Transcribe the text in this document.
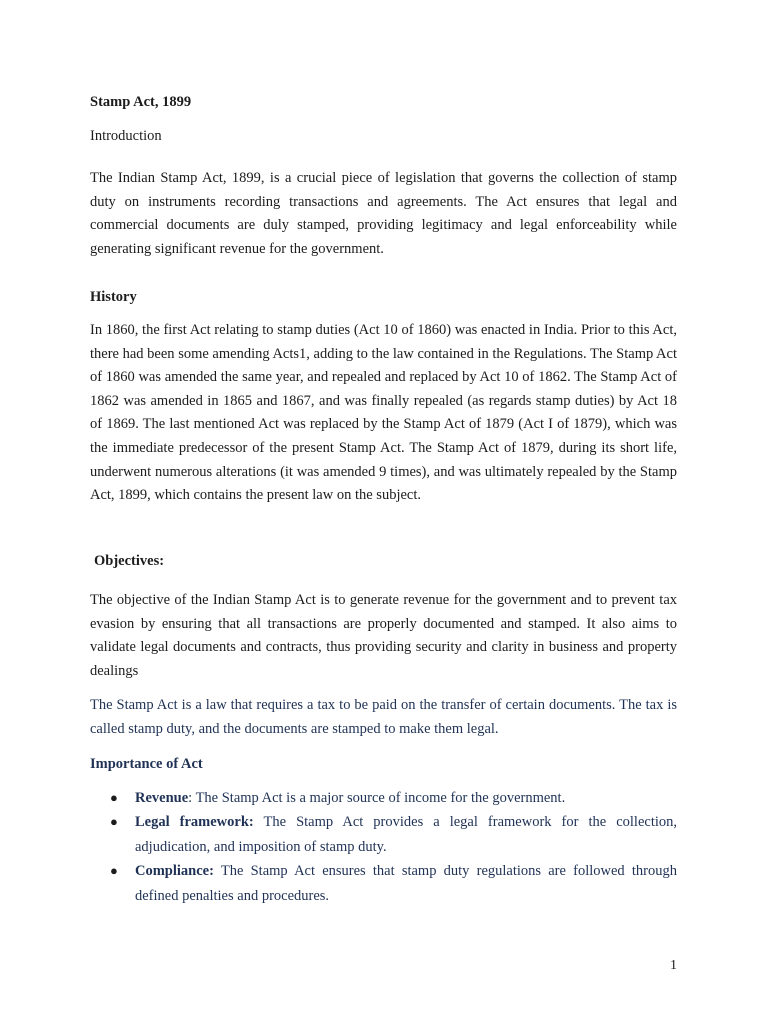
Stamp Act, 1899

Introduction

The Indian Stamp Act, 1899, is a crucial piece of legislation that governs the collection of stamp duty on instruments recording transactions and agreements. The Act ensures that legal and commercial documents are duly stamped, providing legitimacy and legal enforceability while generating significant revenue for the government.

History

In 1860, the first Act relating to stamp duties (Act 10 of 1860) was enacted in India. Prior to this Act, there had been some amending Acts1, adding to the law contained in the Regulations. The Stamp Act of 1860 was amended the same year, and repealed and replaced by Act 10 of 1862. The Stamp Act of 1862 was amended in 1865 and 1867, and was finally repealed (as regards stamp duties) by Act 18 of 1869. The last mentioned Act was replaced by the Stamp Act of 1879 (Act I of 1879), which was the immediate predecessor of the present Stamp Act. The Stamp Act of 1879, during its short life, underwent numerous alterations (it was amended 9 times), and was ultimately repealed by the Stamp Act, 1899, which contains the present law on the subject.

Objectives:

The objective of the Indian Stamp Act is to generate revenue for the government and to prevent tax evasion by ensuring that all transactions are properly documented and stamped. It also aims to validate legal documents and contracts, thus providing security and clarity in business and property dealings

The Stamp Act is a law that requires a tax to be paid on the transfer of certain documents. The tax is called stamp duty, and the documents are stamped to make them legal.

Importance of Act

● Revenue: The Stamp Act is a major source of income for the government.
● Legal framework: The Stamp Act provides a legal framework for the collection, adjudication, and imposition of stamp duty.
● Compliance: The Stamp Act ensures that stamp duty regulations are followed through defined penalties and procedures.

1
